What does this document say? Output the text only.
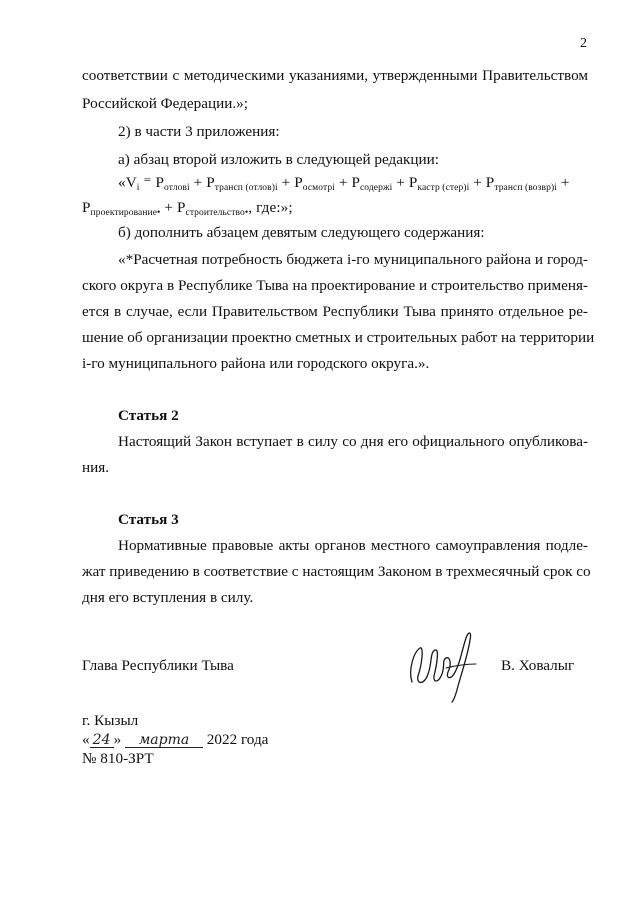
2
соответствии с методическими указаниями, утвержденными Правительством
Российской Федерации.»;
2) в части 3 приложения:
а) абзац второй изложить в следующей редакции:
«$V_i$ ⁼ $P_{отлові} + P_{трансп (отлов)i} + P_{осмотрі} + P_{содержі} + P_{кастр (стер)i} + P_{трансп (возвр)i}$ +
$P_{проектирование•} + P_{строительство•}$, где:»;
б) дополнить абзацем девятым следующего содержания:
«*Расчетная потребность бюджета i-го муниципального района и город-
ского округа в Республике Тыва на проектирование и строительство применя-
ется в случае, если Правительством Республики Тыва принято отдельное ре-
шение об организации проектно сметных и строительных работ на территории
i-го муниципального района или городского округа.».
Статья 2
Настоящий Закон вступает в силу со дня его официального опубликова-
ния.
Статья 3
Нормативные правовые акты органов местного самоуправления подле-
жат приведению в соответствие с настоящим Законом в трехмесячный срок со
дня его вступления в силу.
Глава Республики Тыва	В. Ховалыг
г. Кызыл
« 24 » марта 2022 года
№ 810-ЗРТ
